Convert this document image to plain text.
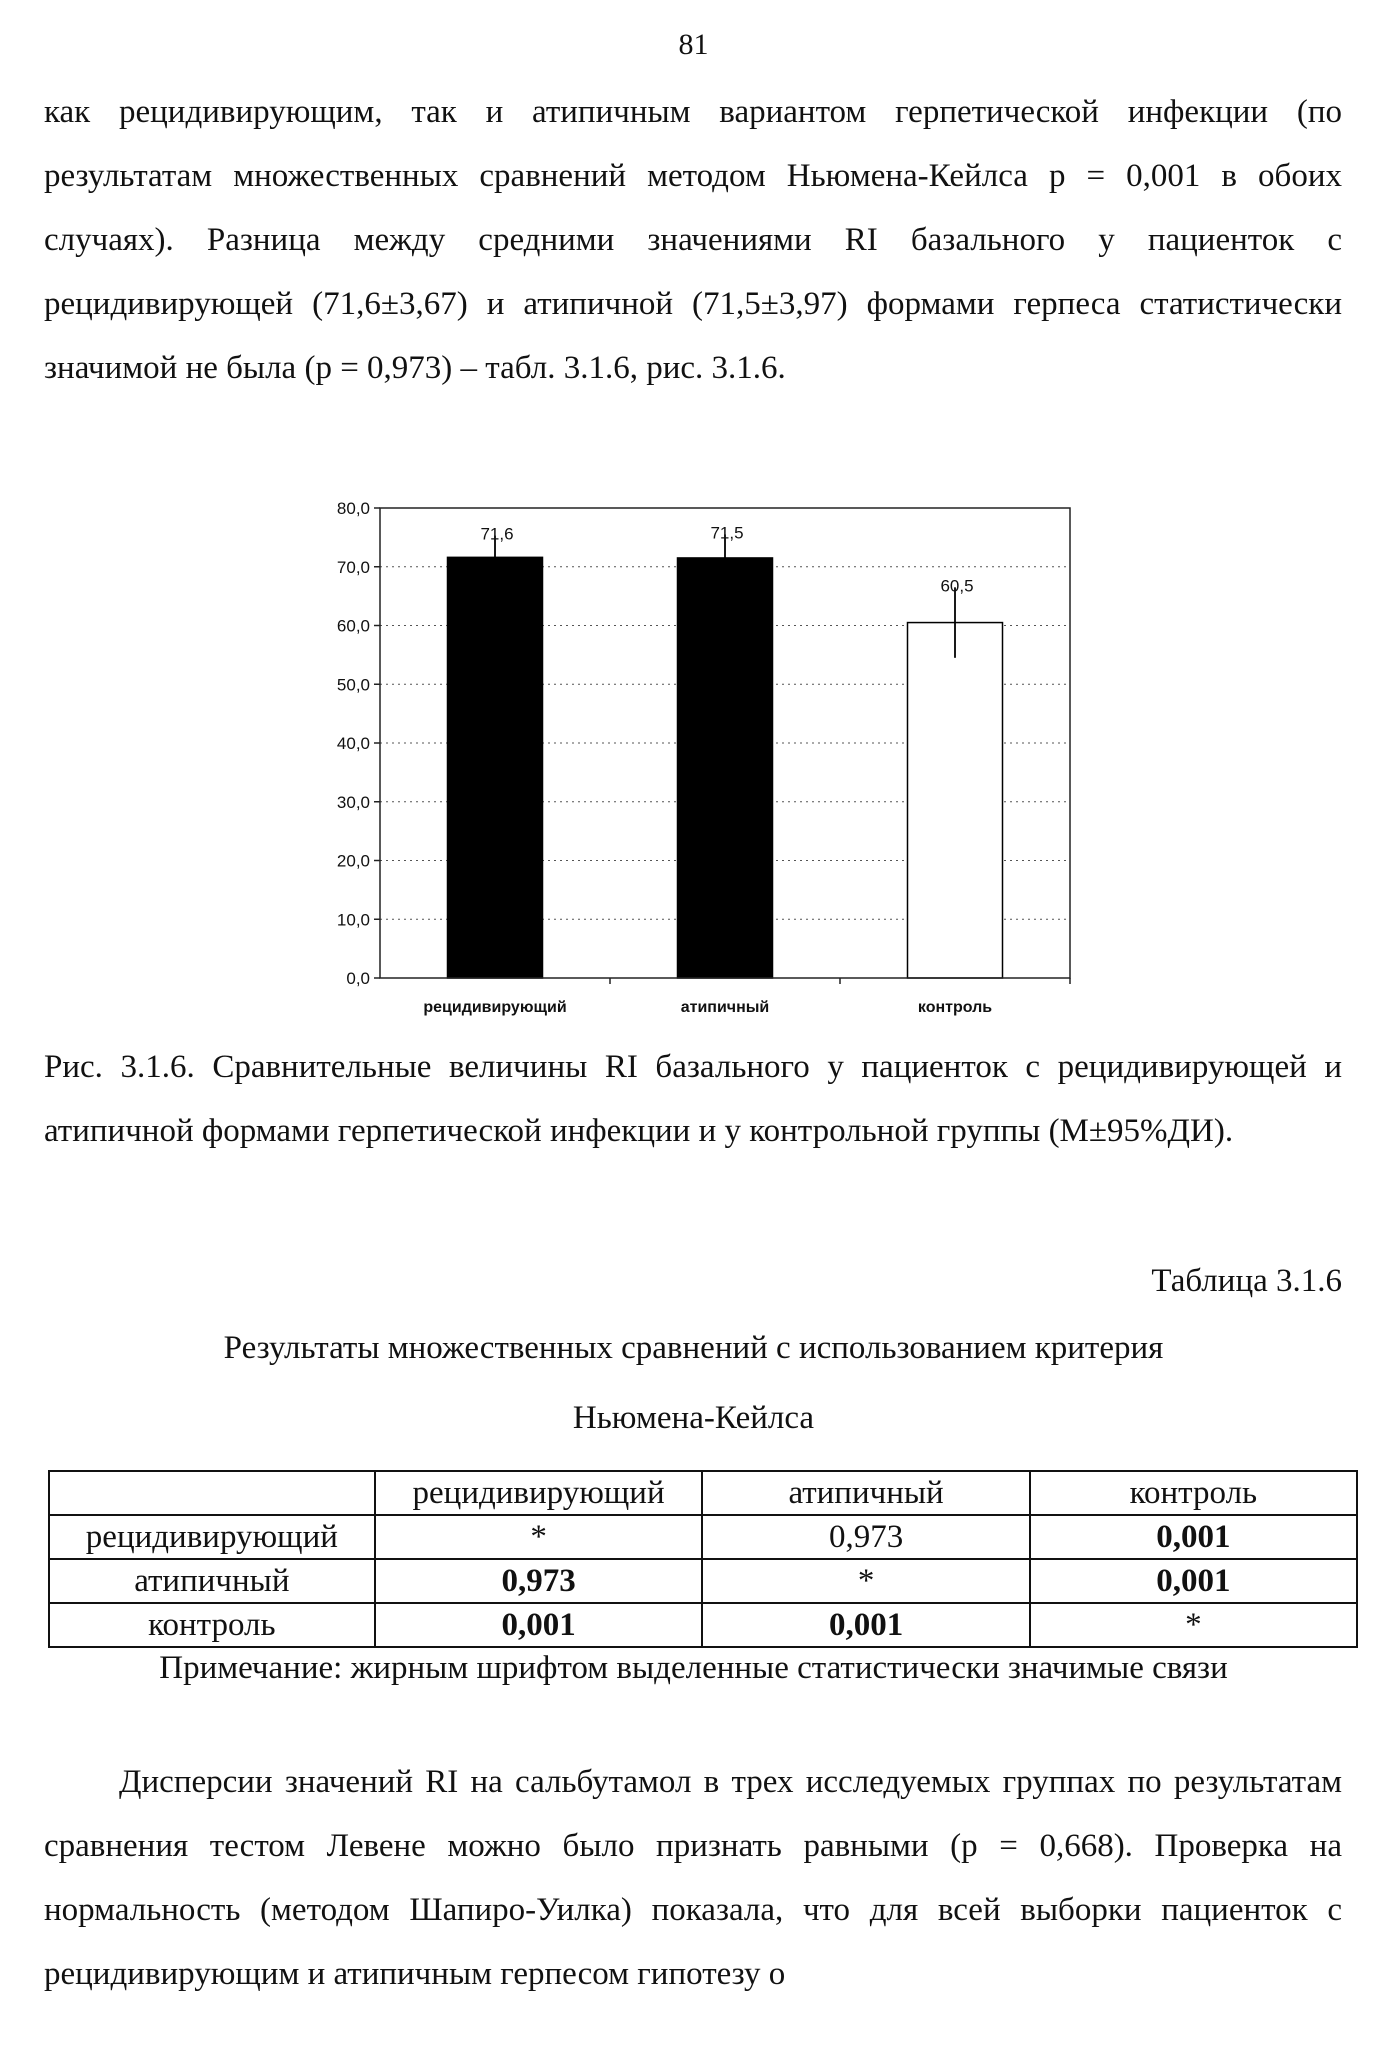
81

как рецидивирующим, так и атипичным вариантом герпетической инфекции (по результатам множественных сравнений методом Ньюмена-Кейлса p = 0,001 в обоих случаях). Разница между средними значениями RI базального у пациенток с рецидивирующей (71,6±3,67) и атипичной (71,5±3,97) формами герпеса статистически значимой не была (p = 0,973) – табл. 3.1.6, рис. 3.1.6.

0,0
10,0
20,0
30,0
40,0
50,0
60,0
70,0
80,0
71,6
рецидивирующий
71,5
атипичный
60,5
контроль

Рис. 3.1.6. Сравнительные величины RI базального у пациенток с рецидивирующей и атипичной формами герпетической инфекции и у контрольной группы (M±95%ДИ).

Таблица 3.1.6
Результаты множественных сравнений с использованием критерия
Ньюмена-Кейлса
	рецидивирующий	атипичный	контроль
рецидивирующий	*	0,973	0,001
атипичный	0,973	*	0,001
контроль	0,001	0,001	*
Примечание: жирным шрифтом выделенные статистически значимые связи

Дисперсии значений RI на сальбутамол в трех исследуемых группах по результатам сравнения тестом Левене можно было признать равными (p = 0,668). Проверка на нормальность (методом Шапиро-Уилка) показала, что для всей выборки пациенток с рецидивирующим и атипичным герпесом гипотезу о
